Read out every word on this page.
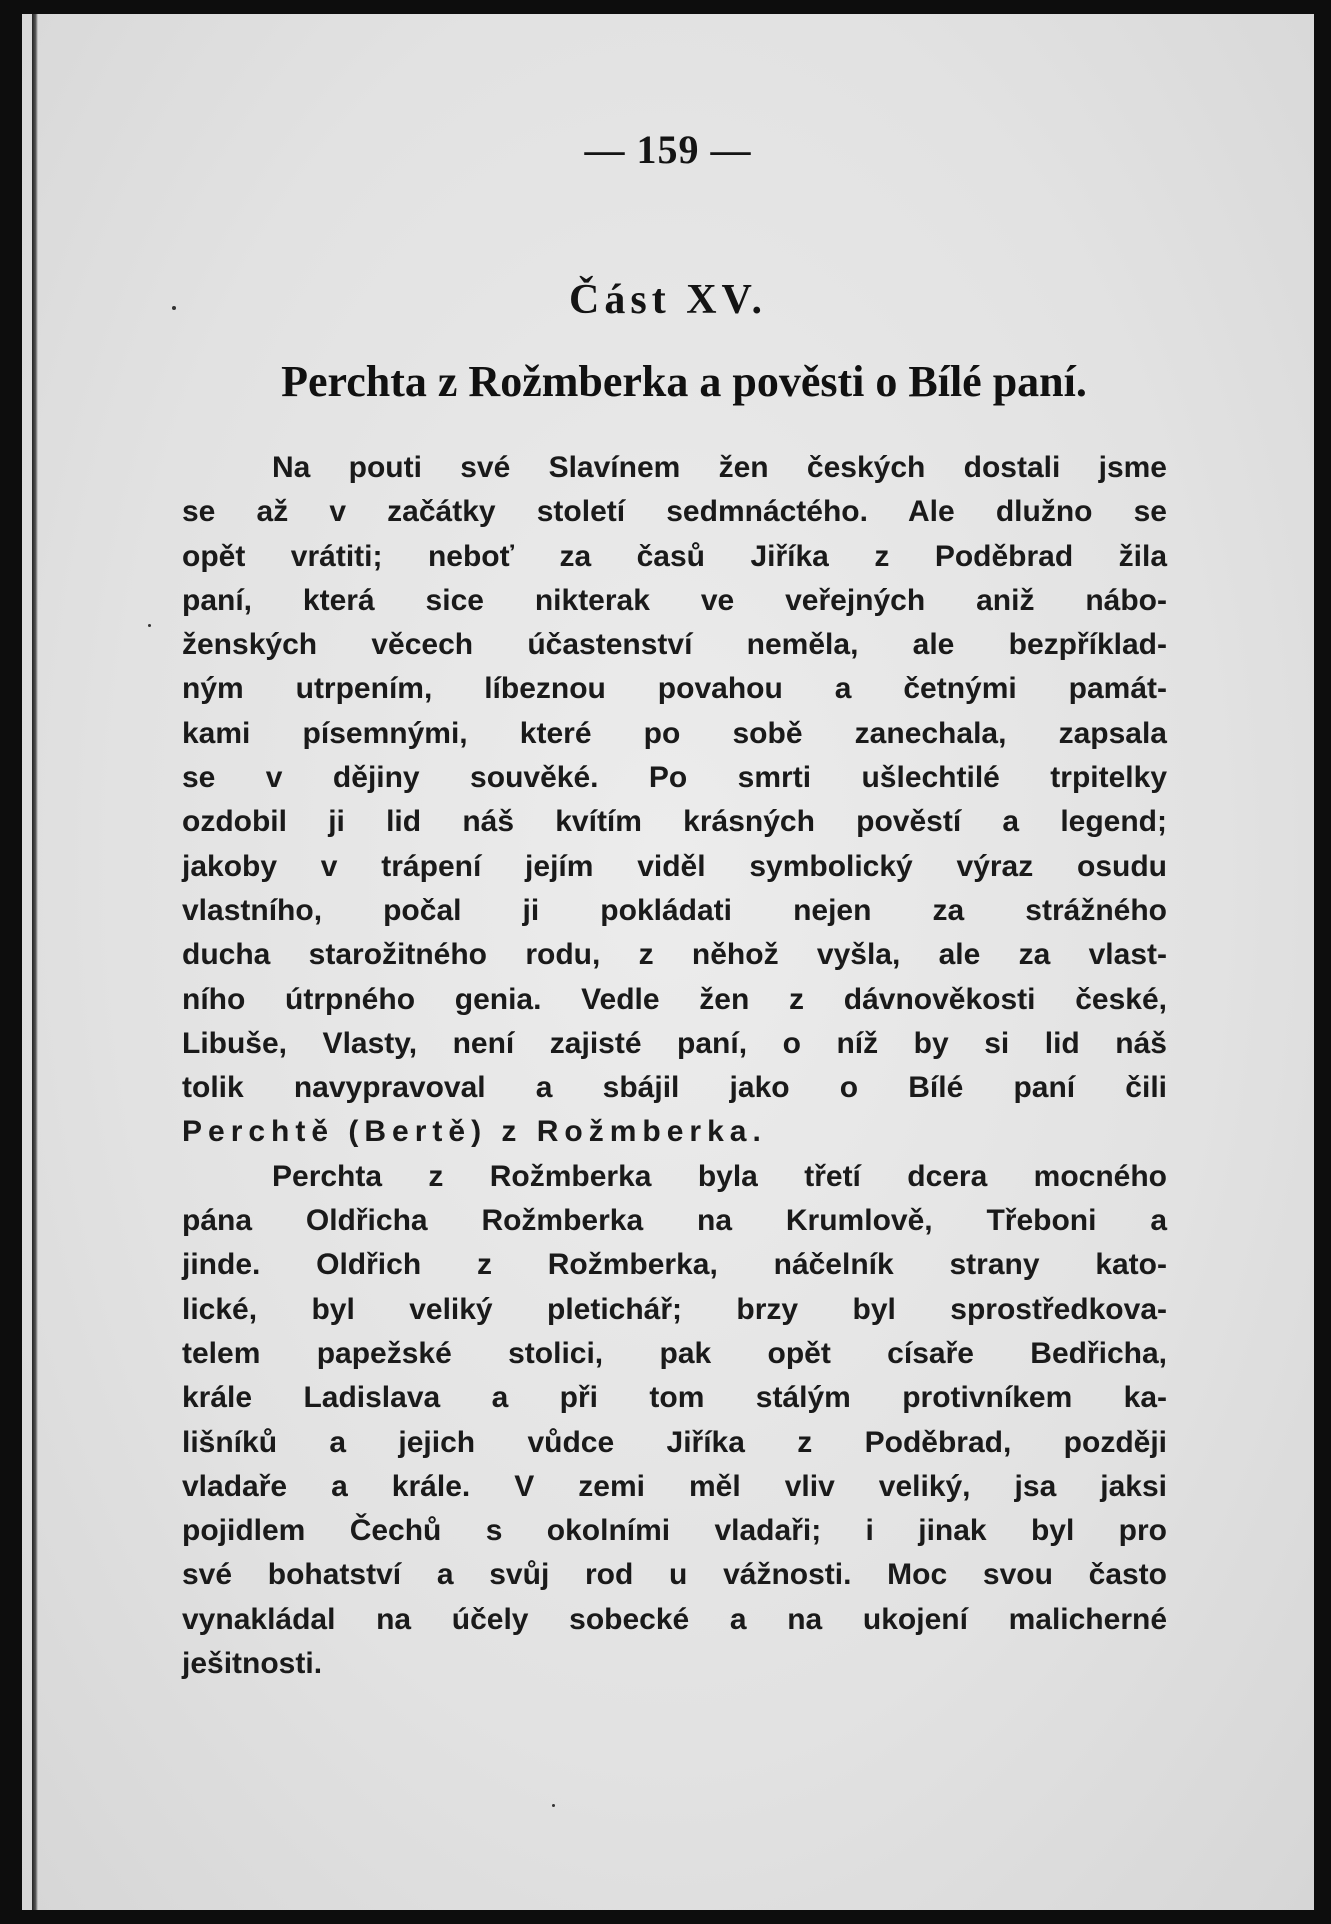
— 159 —
Část XV.
Perchta z Rožmberka a pověsti o Bílé paní.
Na pouti své Slavínem žen českých dostali jsme
se až v začátky století sedmnáctého. Ale dlužno se
opět vrátiti; neboť za časů Jiříka z Poděbrad žila
paní, která sice nikterak ve veřejných aniž nábo-
ženských věcech účastenství neměla, ale bezpříklad-
ným utrpením, líbeznou povahou a četnými památ-
kami písemnými, které po sobě zanechala, zapsala
se v dějiny souvěké. Po smrti ušlechtilé trpitelky
ozdobil ji lid náš kvítím krásných pověstí a legend;
jakoby v trápení jejím viděl symbolický výraz osudu
vlastního, počal ji pokládati nejen za strážného
ducha starožitného rodu, z něhož vyšla, ale za vlast-
ního útrpného genia. Vedle žen z dávnověkosti české,
Libuše, Vlasty, není zajisté paní, o níž by si lid náš
tolik navypravoval a sbájil jako o Bílé paní čili
Perchtě (Bertě) z Rožmberka.
Perchta z Rožmberka byla třetí dcera mocného
pána Oldřicha Rožmberka na Krumlově, Třeboni a
jinde. Oldřich z Rožmberka, náčelník strany kato-
lické, byl veliký pletichář; brzy byl sprostředkova-
telem papežské stolici, pak opět císaře Bedřicha,
krále Ladislava a při tom stálým protivníkem ka-
lišníků a jejich vůdce Jiříka z Poděbrad, později
vladaře a krále. V zemi měl vliv veliký, jsa jaksi
pojidlem Čechů s okolními vladaři; i jinak byl pro
své bohatství a svůj rod u vážnosti. Moc svou často
vynakládal na účely sobecké a na ukojení malicherné
ješitnosti.
